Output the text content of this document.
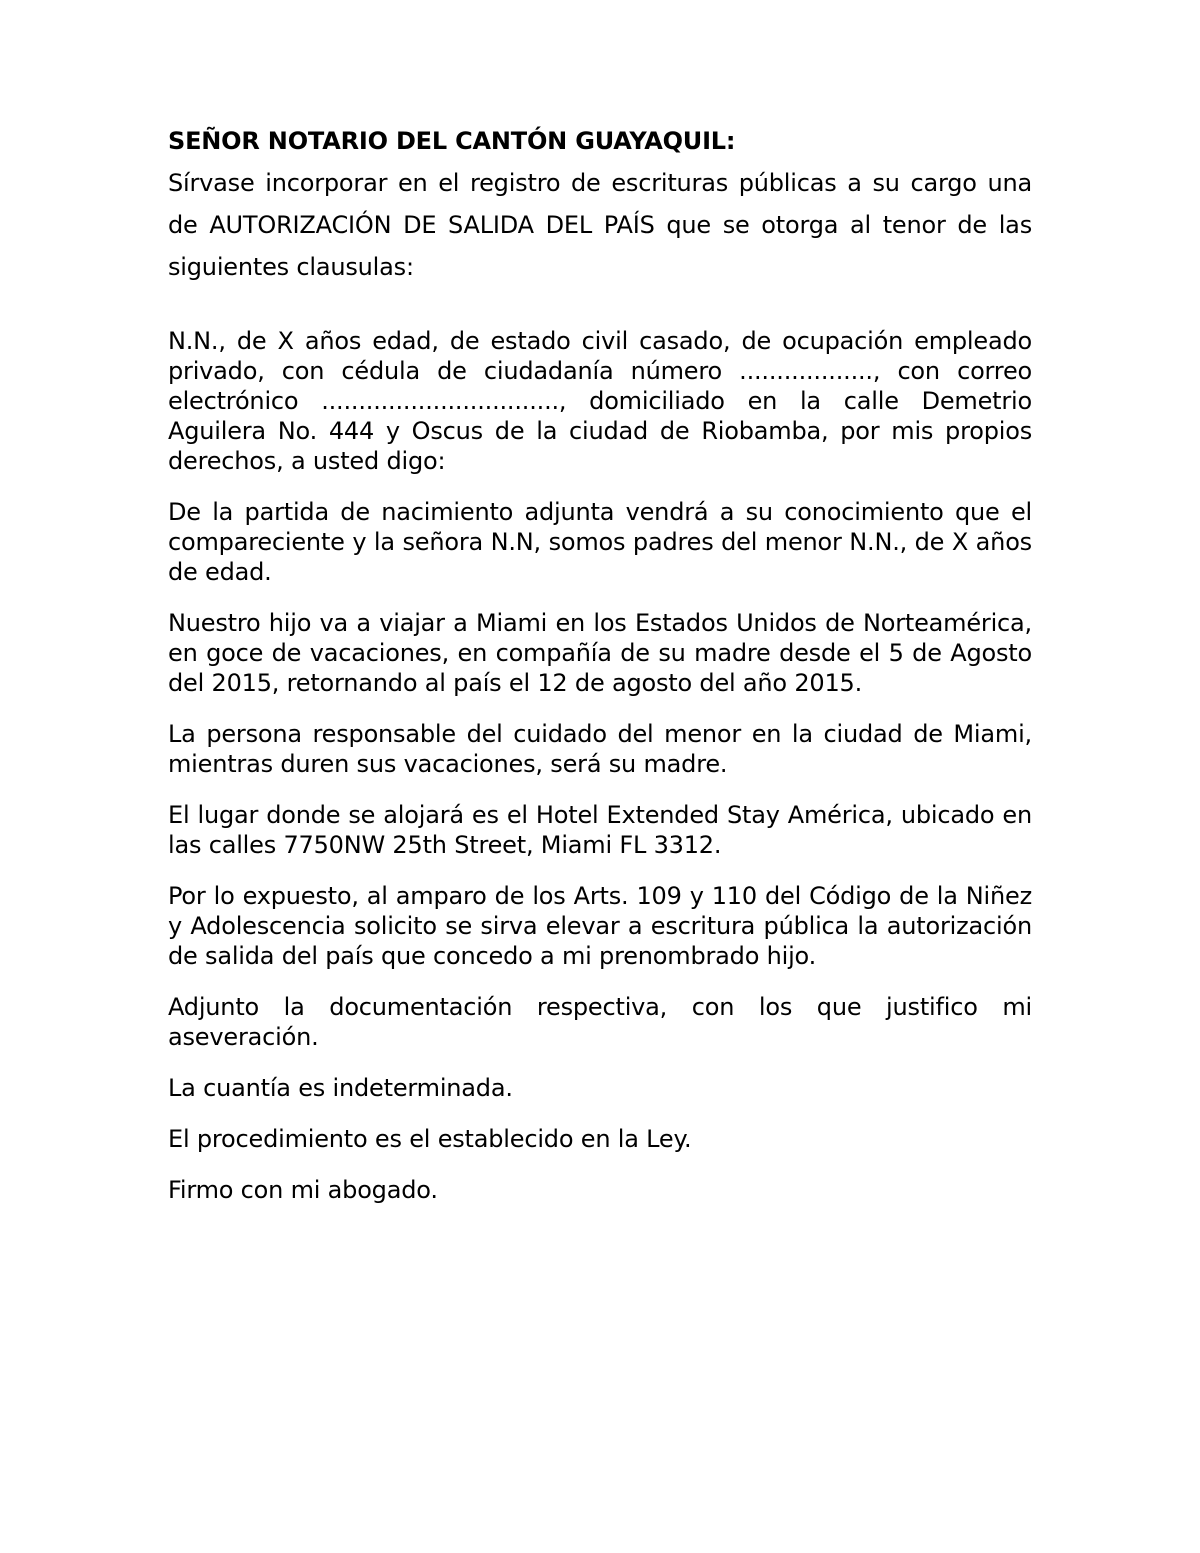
SEÑOR NOTARIO DEL CANTÓN GUAYAQUIL:

Sírvase incorporar en el registro de escrituras públicas a su cargo una de AUTORIZACIÓN DE SALIDA DEL PAÍS que se otorga al tenor de las siguientes clausulas:

N.N., de X años edad, de estado civil casado, de ocupación empleado privado, con cédula de ciudadanía número .................., con correo electrónico ................................, domiciliado en la calle Demetrio Aguilera No. 444 y Oscus de la ciudad de Riobamba, por mis propios derechos, a usted digo:

De la partida de nacimiento adjunta vendrá a su conocimiento que el compareciente y la señora N.N, somos padres del menor N.N., de X años de edad.

Nuestro hijo va a viajar a Miami en los Estados Unidos de Norteamérica, en goce de vacaciones, en compañía de su madre desde el 5 de Agosto del 2015, retornando al país el 12 de agosto del año 2015.

La persona responsable del cuidado del menor en la ciudad de Miami, mientras duren sus vacaciones, será su madre.

El lugar donde se alojará es el Hotel Extended Stay América, ubicado en las calles 7750NW 25th Street, Miami FL 3312.

Por lo expuesto, al amparo de los Arts. 109 y 110 del Código de la Niñez y Adolescencia solicito se sirva elevar a escritura pública la autorización de salida del país que concedo a mi prenombrado hijo.

Adjunto la documentación respectiva, con los que justifico mi aseveración.

La cuantía es indeterminada.

El procedimiento es el establecido en la Ley.

Firmo con mi abogado.
